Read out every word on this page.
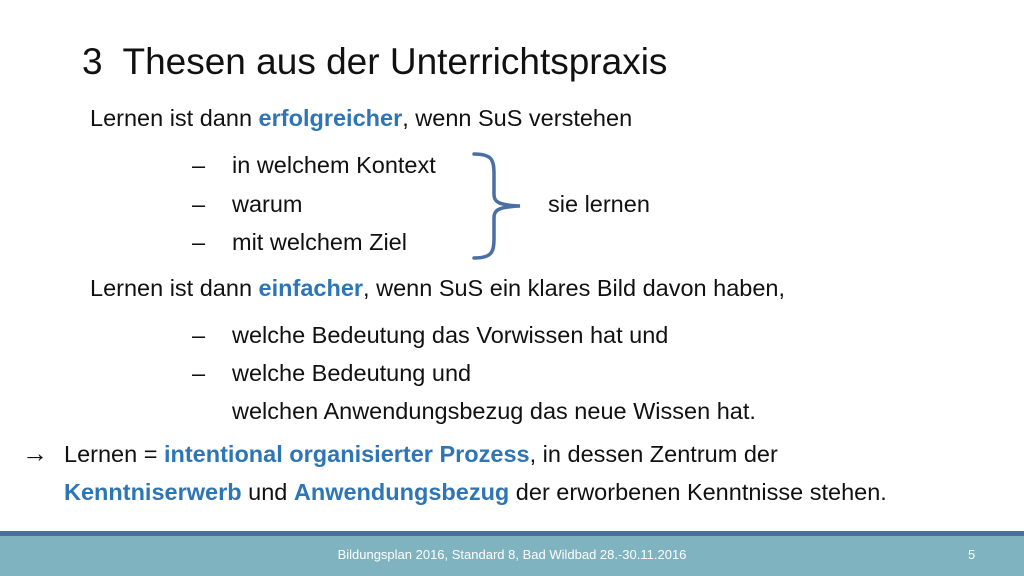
3  Thesen aus der Unterrichtspraxis
Lernen ist dann erfolgreicher, wenn SuS verstehen
– in welchem Kontext
– warum
– mit welchem Ziel
sie lernen
Lernen ist dann einfacher, wenn SuS ein klares Bild davon haben,
– welche Bedeutung das Vorwissen hat und
– welche Bedeutung und
welchen Anwendungsbezug das neue Wissen hat.
→ Lernen = intentional organisierter Prozess, in dessen Zentrum der
Kenntniserwerb und Anwendungsbezug der erworbenen Kenntnisse stehen.
Bildungsplan 2016, Standard 8, Bad Wildbad 28.-30.11.2016	5
